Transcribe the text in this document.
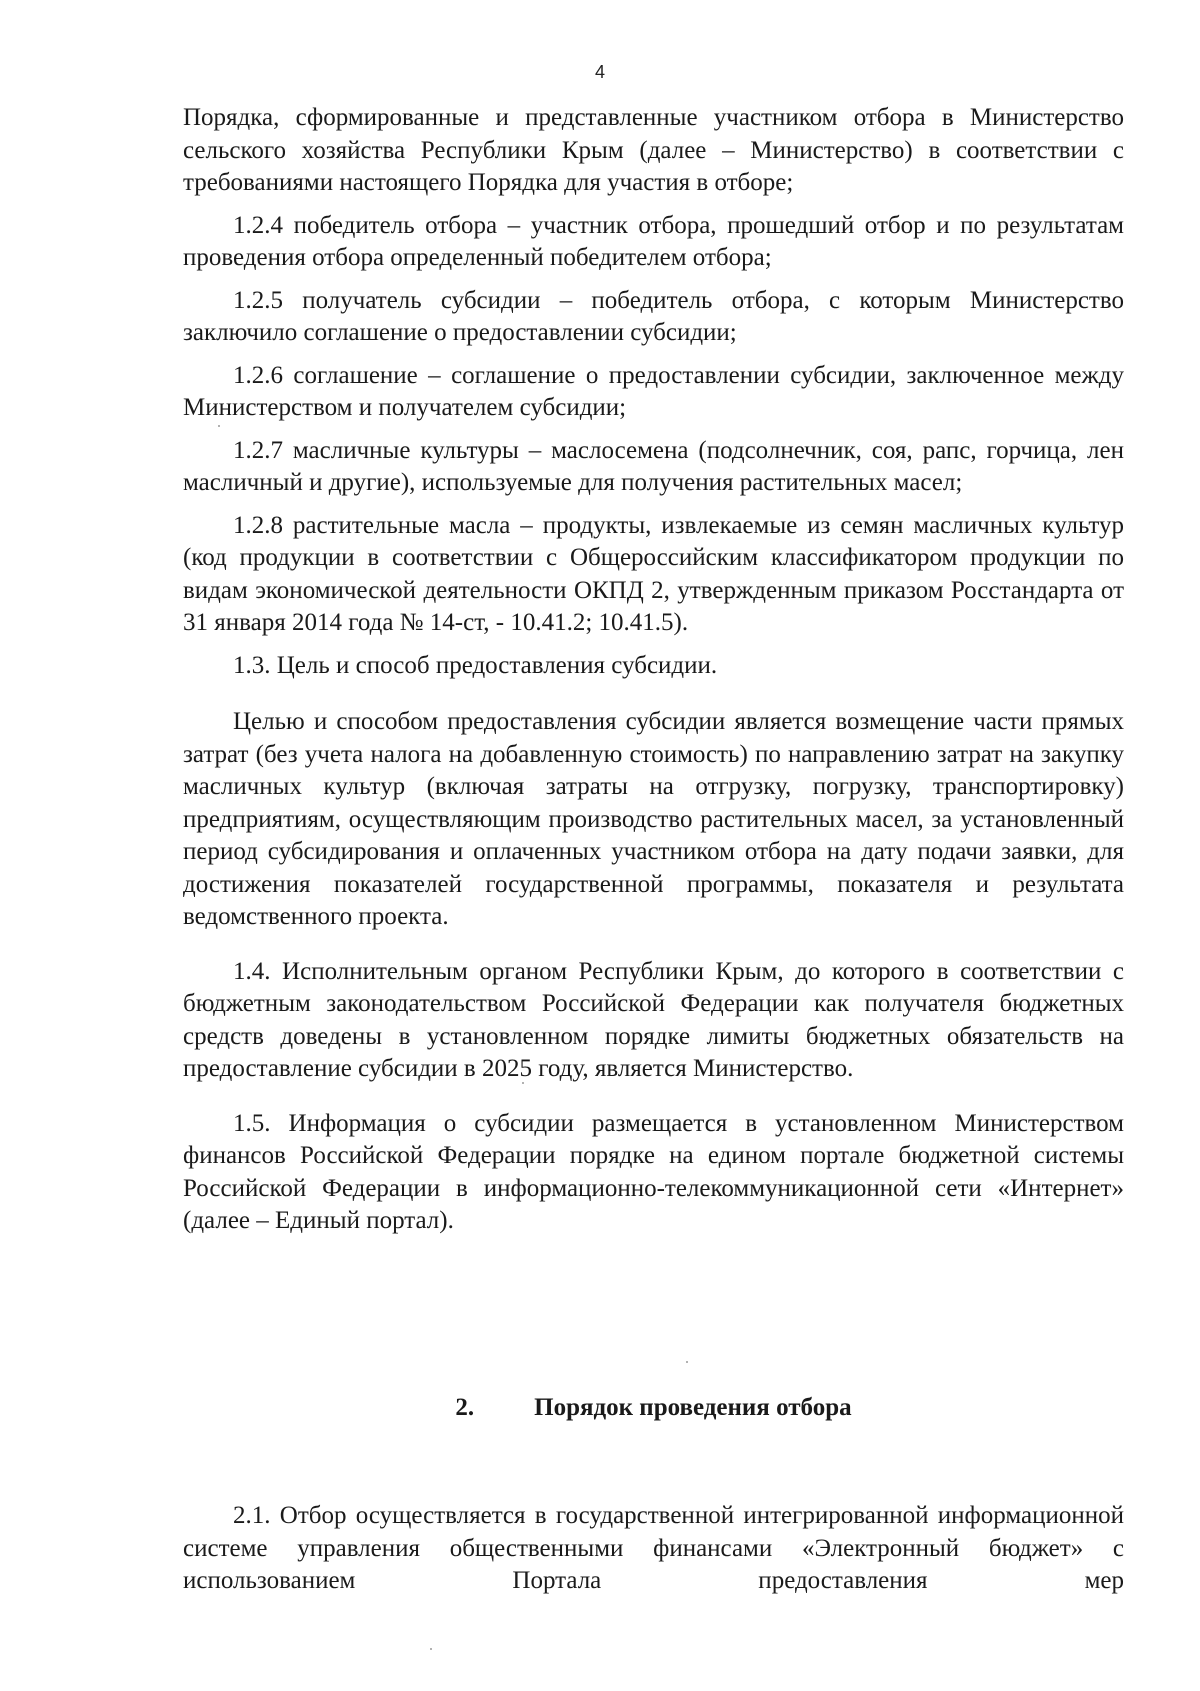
4

Порядка, сформированные и представленные участником отбора в Министерство сельского хозяйства Республики Крым (далее – Министерство) в соответствии с требованиями настоящего Порядка для участия в отборе;

1.2.4 победитель отбора – участник отбора, прошедший отбор и по результатам проведения отбора определенный победителем отбора;

1.2.5 получатель субсидии – победитель отбора, с которым Министерство заключило соглашение о предоставлении субсидии;

1.2.6 соглашение – соглашение о предоставлении субсидии, заключенное между Министерством и получателем субсидии;

1.2.7 масличные культуры – маслосемена (подсолнечник, соя, рапс, горчица, лен масличный и другие), используемые для получения растительных масел;

1.2.8 растительные масла – продукты, извлекаемые из семян масличных культур (код продукции в соответствии с Общероссийским классификатором продукции по видам экономической деятельности ОКПД 2, утвержденным приказом Росстандарта от 31 января 2014 года № 14-ст, - 10.41.2; 10.41.5).

1.3. Цель и способ предоставления субсидии.

Целью и способом предоставления субсидии является возмещение части прямых затрат (без учета налога на добавленную стоимость) по направлению затрат на закупку масличных культур (включая затраты на отгрузку, погрузку, транспортировку) предприятиям, осуществляющим производство растительных масел, за установленный период субсидирования и оплаченных участником отбора на дату подачи заявки, для достижения показателей государственной программы, показателя и результата ведомственного проекта.

1.4. Исполнительным органом Республики Крым, до которого в соответствии с бюджетным законодательством Российской Федерации как получателя бюджетных средств доведены в установленном порядке лимиты бюджетных обязательств на предоставление субсидии в 2025 году, является Министерство.

1.5. Информация о субсидии размещается в установленном Министерством финансов Российской Федерации порядке на едином портале бюджетной системы Российской Федерации в информационно-телекоммуникационной сети «Интернет» (далее – Единый портал).

2. Порядок проведения отбора

2.1. Отбор осуществляется в государственной интегрированной информационной системе управления общественными финансами «Электронный бюджет» с использованием Портала предоставления мер
